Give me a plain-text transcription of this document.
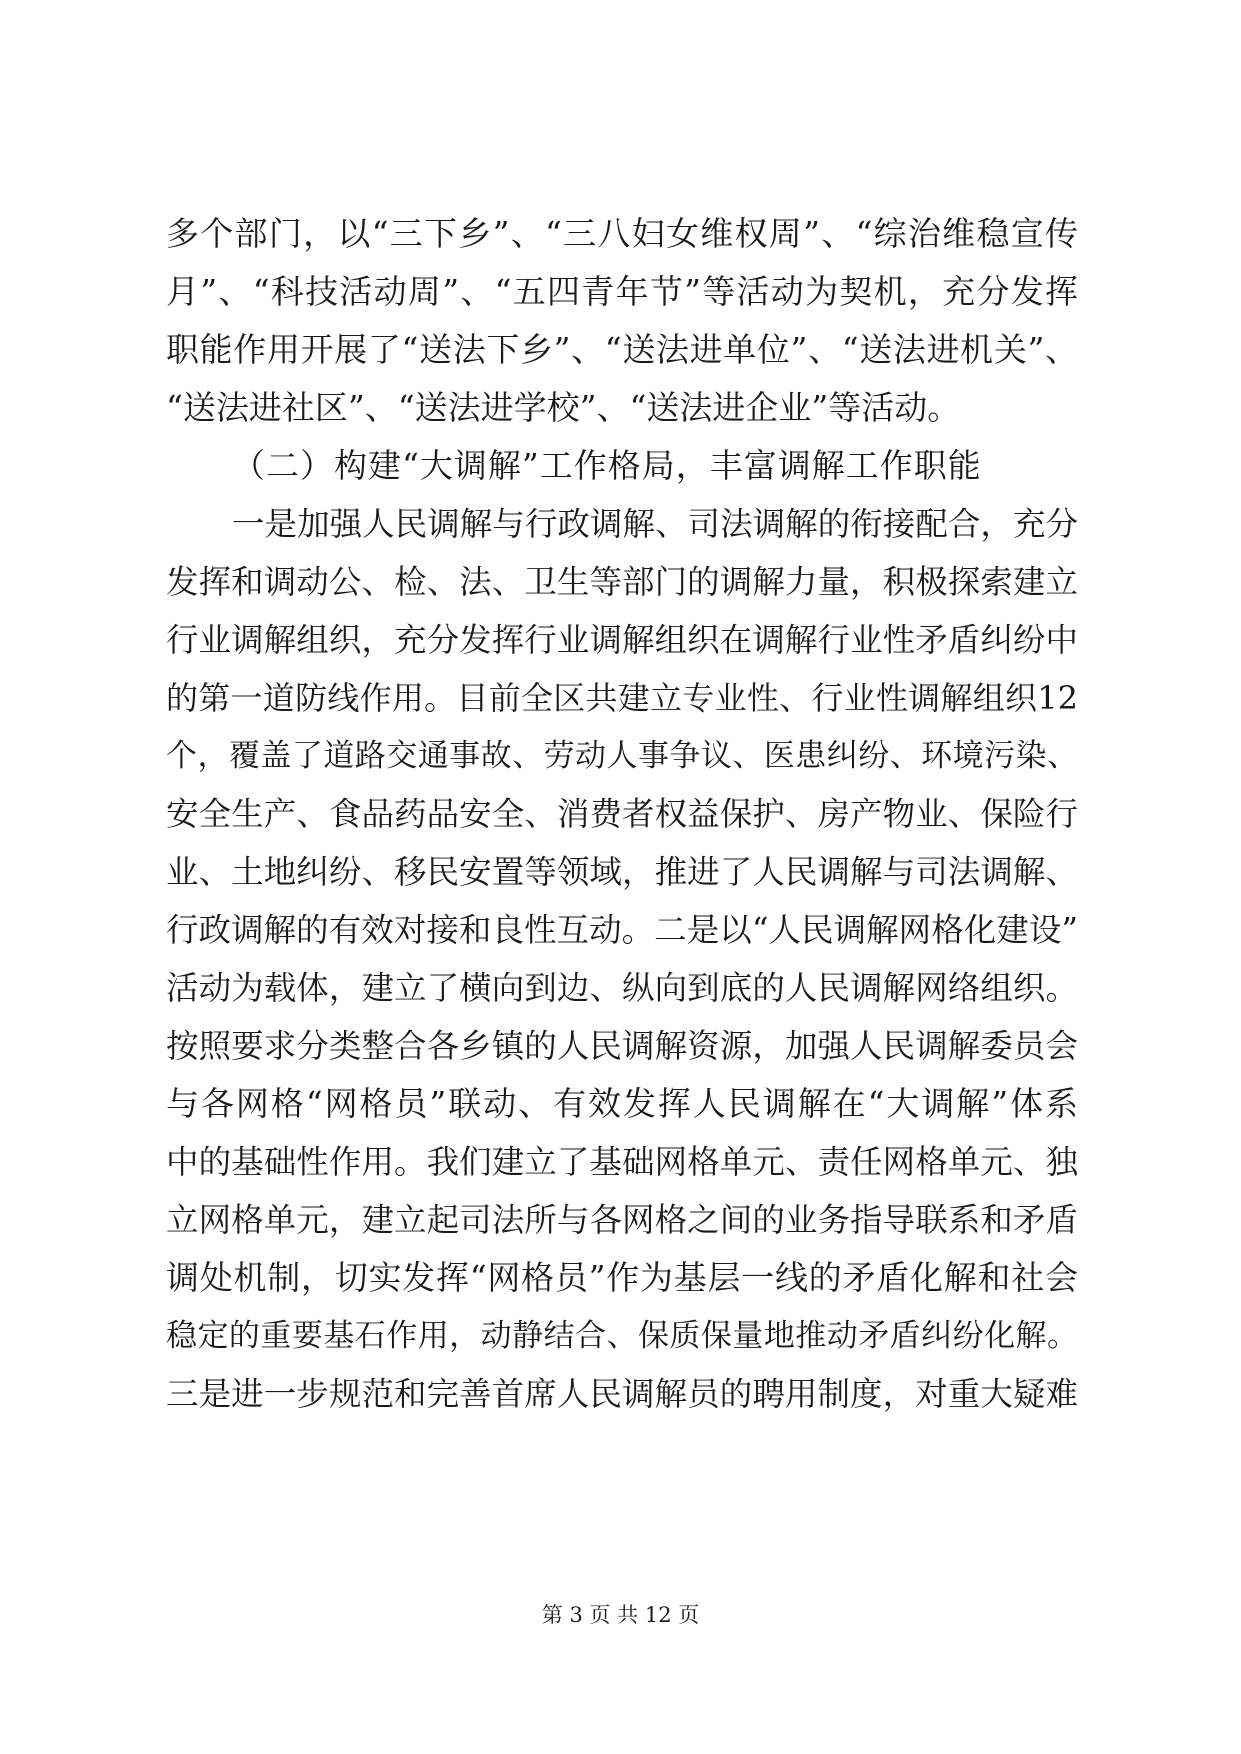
多个部门，以“三下乡”、“三八妇女维权周”、“综治维稳宣传
月”、“科技活动周”、“五四青年节”等活动为契机，充分发挥
职能作用开展了“送法下乡”、“送法进单位”、“送法进机关”、
“送法进社区”、“送法进学校”、“送法进企业”等活动。
（二）构建“大调解”工作格局，丰富调解工作职能
一是加强人民调解与行政调解、司法调解的衔接配合，充分
发挥和调动公、检、法、卫生等部门的调解力量，积极探索建立
行业调解组织，充分发挥行业调解组织在调解行业性矛盾纠纷中
的第一道防线作用。目前全区共建立专业性、行业性调解组织12
个，覆盖了道路交通事故、劳动人事争议、医患纠纷、环境污染、
安全生产、食品药品安全、消费者权益保护、房产物业、保险行
业、土地纠纷、移民安置等领域，推进了人民调解与司法调解、
行政调解的有效对接和良性互动。二是以“人民调解网格化建设”
活动为载体，建立了横向到边、纵向到底的人民调解网络组织。
按照要求分类整合各乡镇的人民调解资源，加强人民调解委员会
与各网格“网格员”联动、有效发挥人民调解在“大调解”体系
中的基础性作用。我们建立了基础网格单元、责任网格单元、独
立网格单元，建立起司法所与各网格之间的业务指导联系和矛盾
调处机制，切实发挥“网格员”作为基层一线的矛盾化解和社会
稳定的重要基石作用，动静结合、保质保量地推动矛盾纠纷化解。
三是进一步规范和完善首席人民调解员的聘用制度，对重大疑难
第 3 页 共 12 页
